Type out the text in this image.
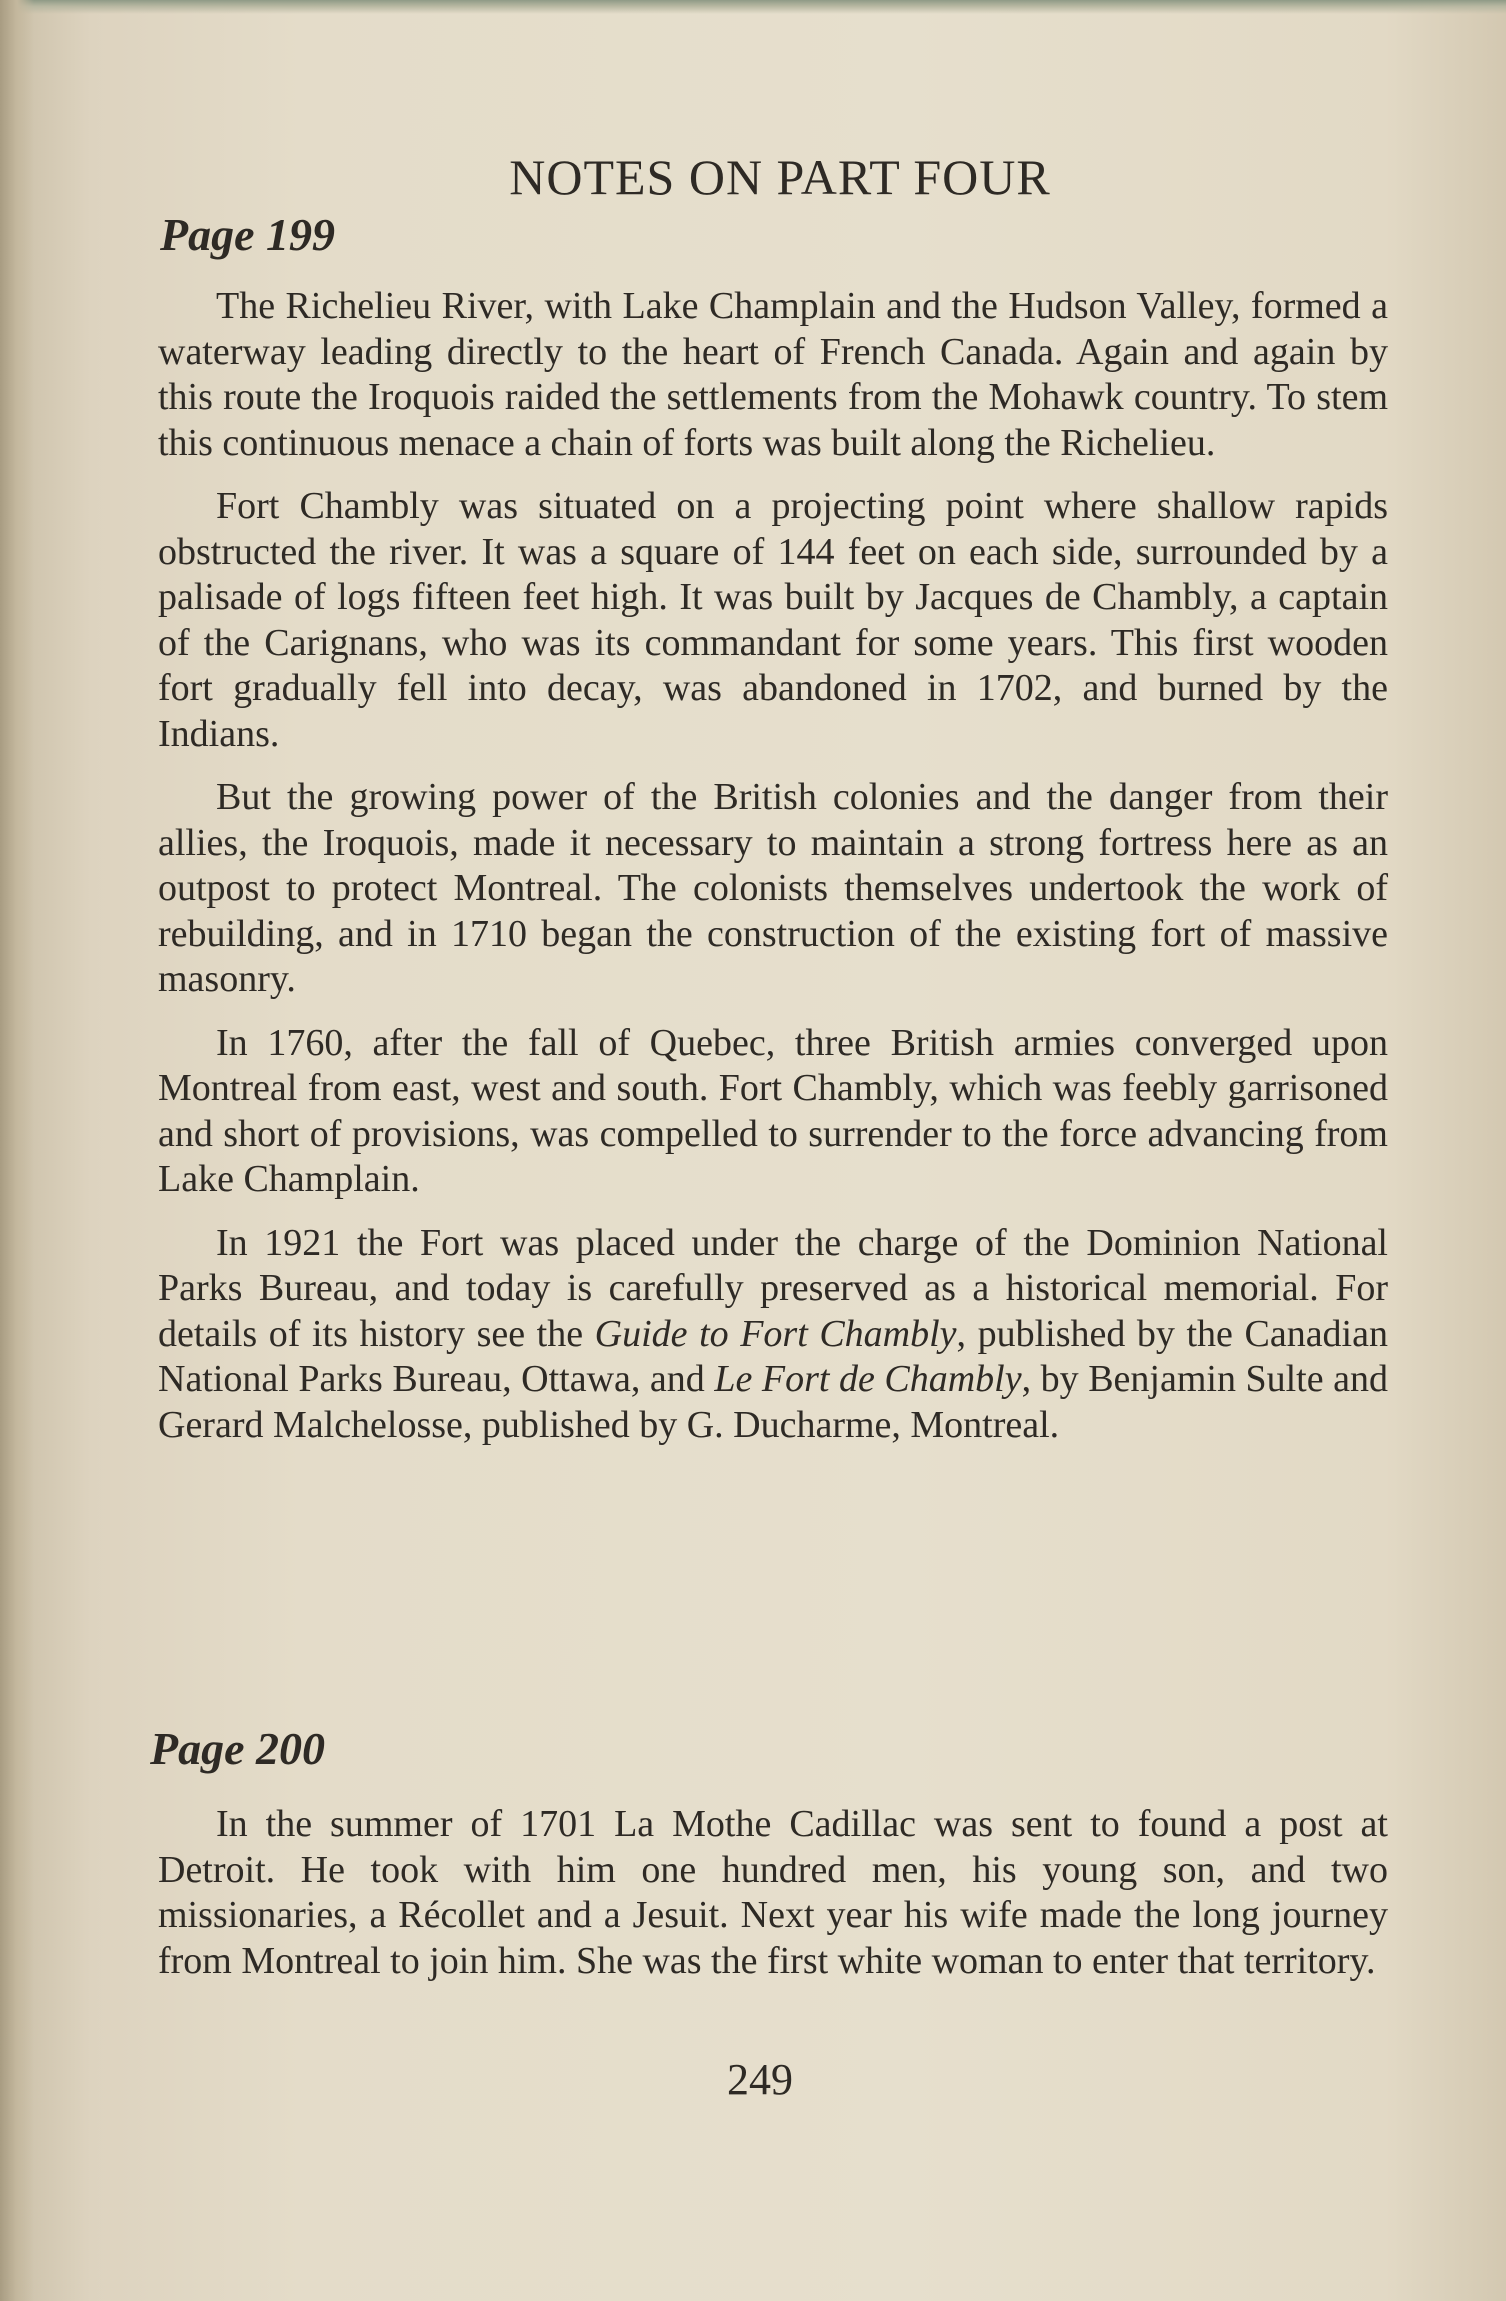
NOTES ON PART FOUR
Page 199

The Richelieu River, with Lake Champlain and the Hudson Valley, formed a waterway leading directly to the heart of French Canada. Again and again by this route the Iroquois raided the settlements from the Mohawk country. To stem this continuous menace a chain of forts was built along the Richelieu.

Fort Chambly was situated on a projecting point where shallow rapids obstructed the river. It was a square of 144 feet on each side, surrounded by a palisade of logs fifteen feet high. It was built by Jacques de Chambly, a captain of the Carignans, who was its commandant for some years. This first wooden fort gradually fell into decay, was abandoned in 1702, and burned by the Indians.

But the growing power of the British colonies and the danger from their allies, the Iroquois, made it necessary to maintain a strong fortress here as an outpost to protect Montreal. The colonists themselves undertook the work of rebuilding, and in 1710 began the construction of the existing fort of massive masonry.

In 1760, after the fall of Quebec, three British armies converged upon Montreal from east, west and south. Fort Chambly, which was feebly garrisoned and short of provisions, was compelled to surrender to the force advancing from Lake Champlain.

In 1921 the Fort was placed under the charge of the Dominion National Parks Bureau, and today is carefully preserved as a historical memorial. For details of its history see the Guide to Fort Chambly, published by the Canadian National Parks Bureau, Ottawa, and Le Fort de Chambly, by Benjamin Sulte and Gerard Malchelosse, published by G. Ducharme, Montreal.

Page 200

In the summer of 1701 La Mothe Cadillac was sent to found a post at Detroit. He took with him one hundred men, his young son, and two missionaries, a Récollet and a Jesuit. Next year his wife made the long journey from Montreal to join him. She was the first white woman to enter that territory.

249
